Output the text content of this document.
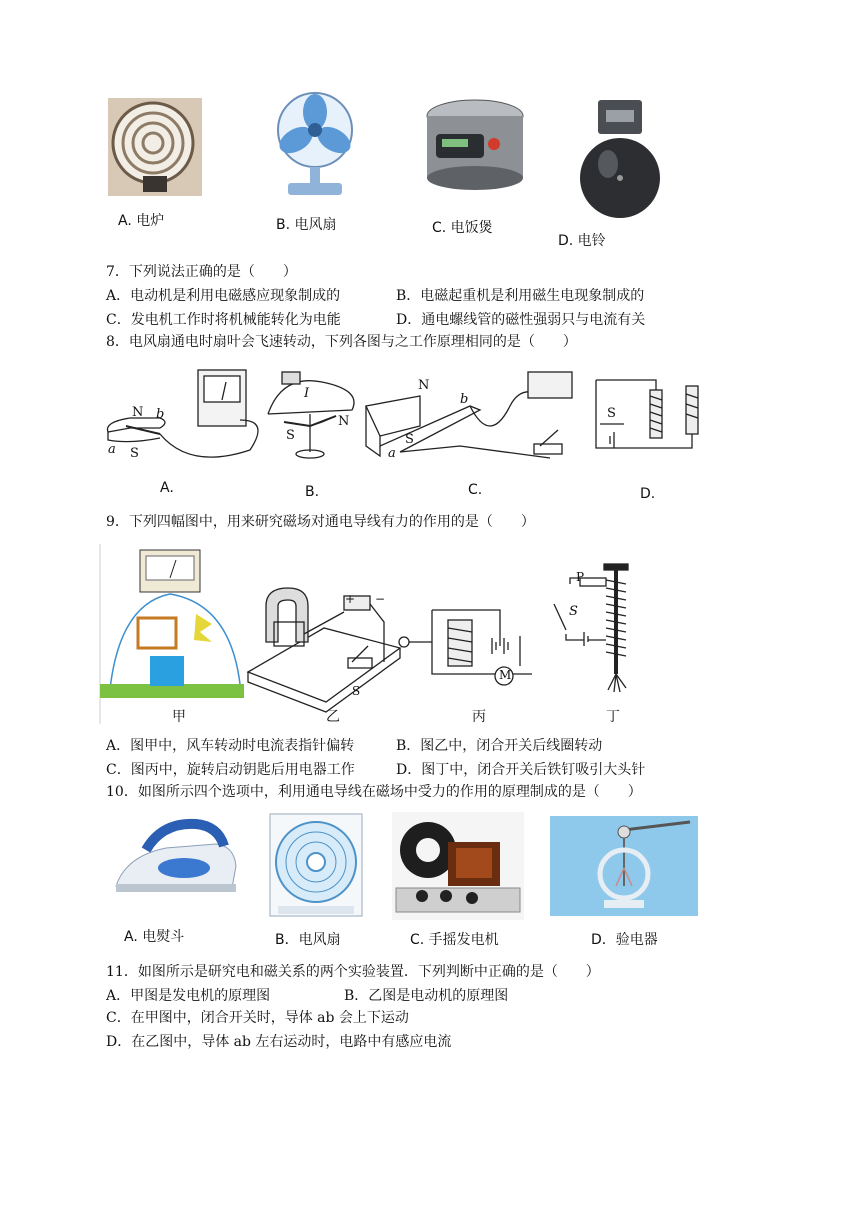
A. 电炉	B. 电风扇	C. 电饭煲
D. 电铃
7．下列说法正确的是（　　）
A．电动机是利用电磁感应现象制成的	B．电磁起重机是利用磁生电现象制成的
C．发电机工作时将机械能转化为电能	D．通电螺线管的磁性强弱只与电流有关
8．电风扇通电时扇叶会飞速转动，下列各图与之工作原理相同的是（　　）
N b
a S
A.
I
S
N
B.
N
b
a
S
C.
S
D.
9．下列四幅图中，用来研究磁场对通电导线有力的作用的是（　　）
甲
+ −
S
乙
M
丙
P
S
丁
A．图甲中，风车转动时电流表指针偏转	B．图乙中，闭合开关后线圈转动
C．图丙中，旋转启动钥匙后用电器工作	D．图丁中，闭合开关后铁钉吸引大头针
10．如图所示四个选项中，利用通电导线在磁场中受力的作用的原理制成的是（　　）
A. 电熨斗	B．电风扇	C. 手摇发电机	D．验电器
11．如图所示是研究电和磁关系的两个实验装置．下列判断中正确的是（　　）
A．甲图是发电机的原理图	B．乙图是电动机的原理图
C．在甲图中，闭合开关时，导体 ab 会上下运动
D．在乙图中，导体 ab 左右运动时，电路中有感应电流
